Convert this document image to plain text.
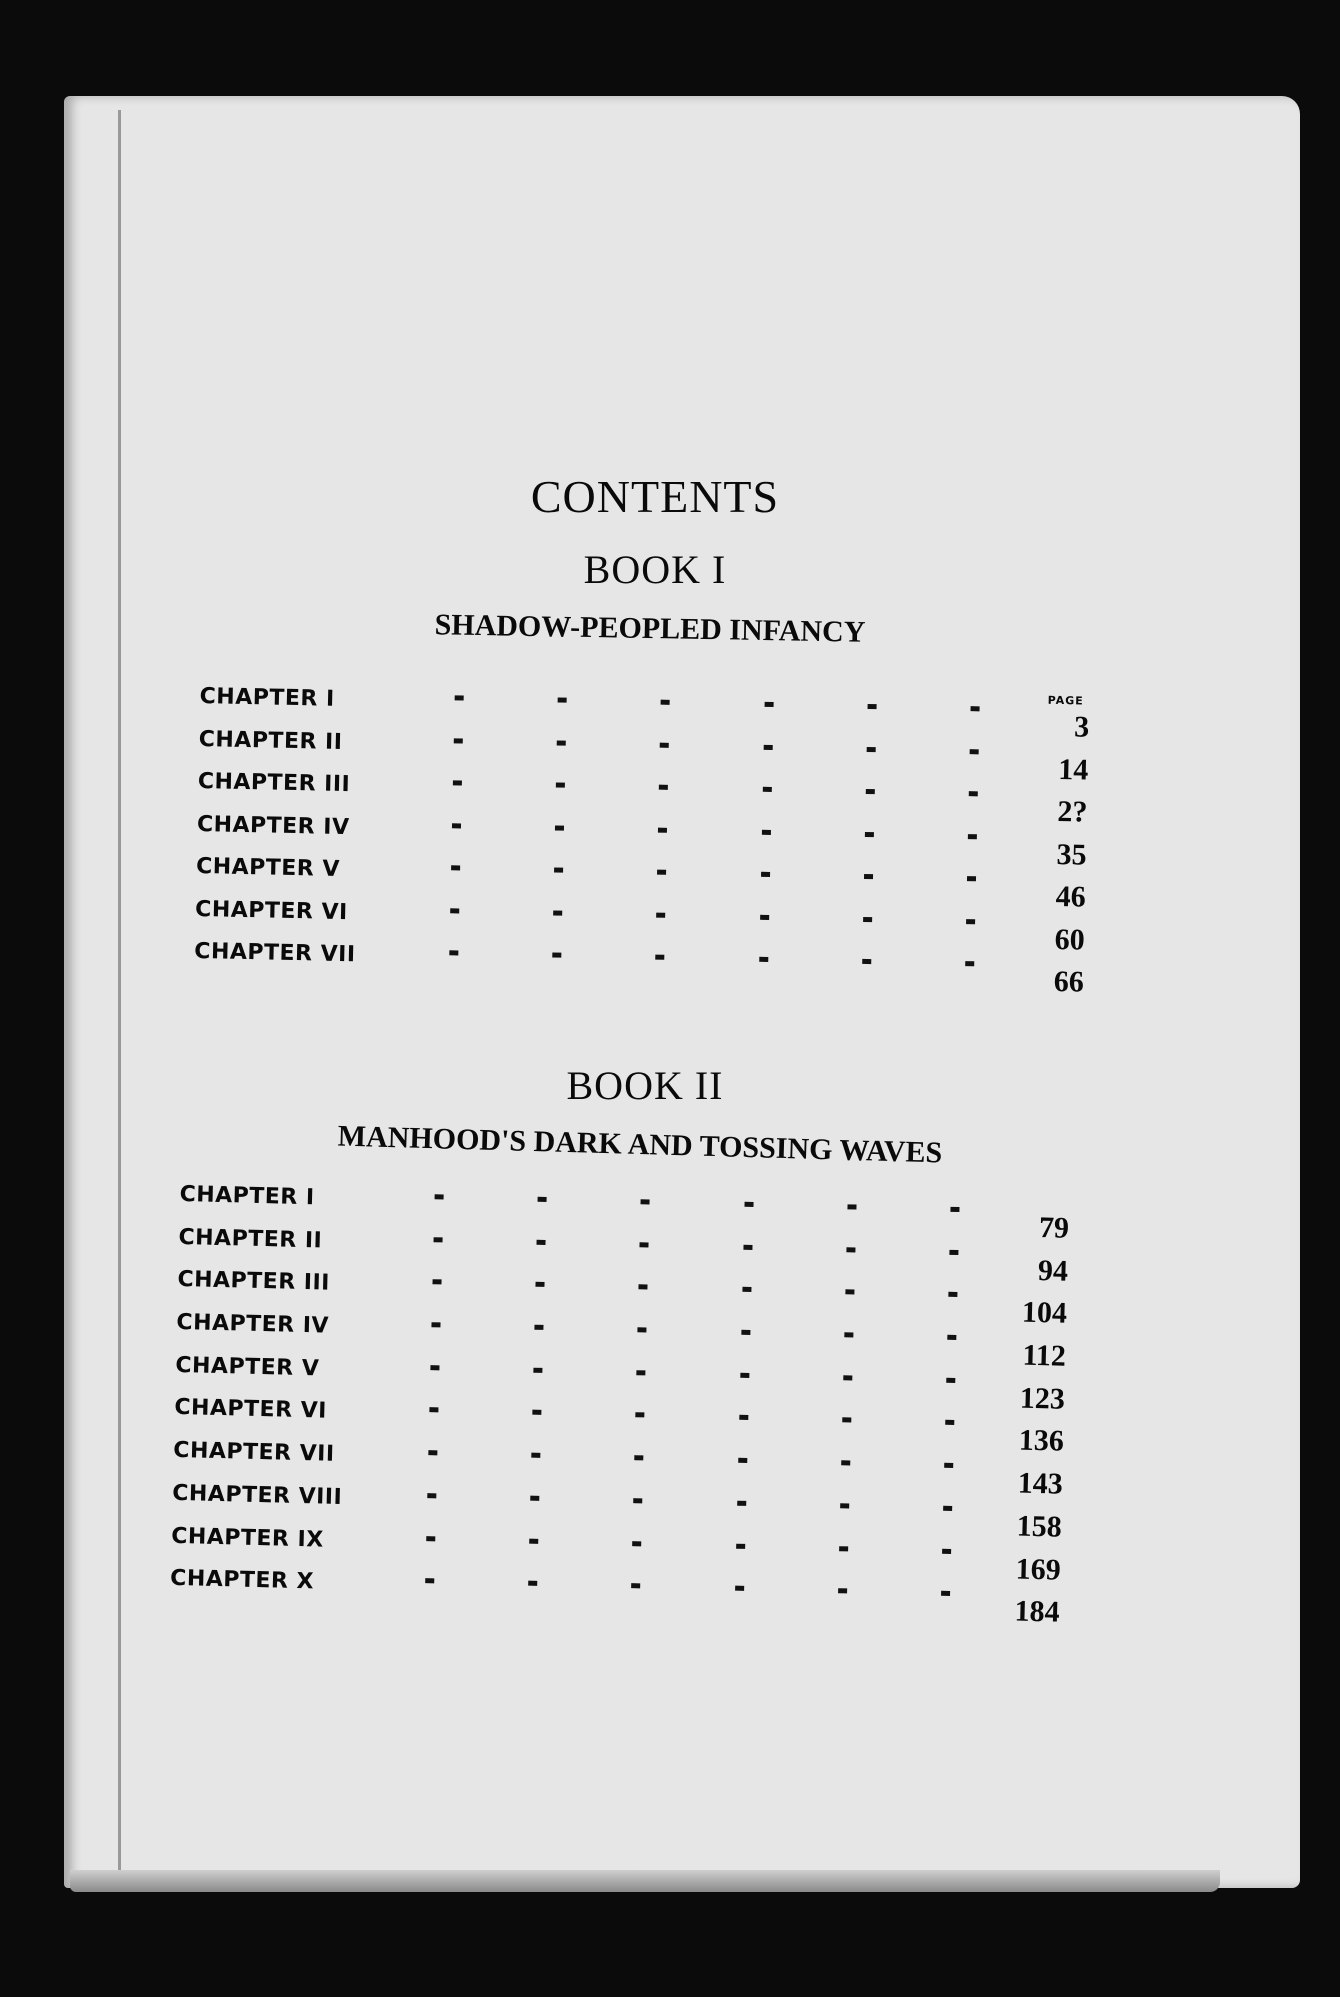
CONTENTS
BOOK I
SHADOW-PEOPLED INFANCY
PAGE
CHAPTER I
3
CHAPTER II
14
CHAPTER III
2?
CHAPTER IV
35
CHAPTER V
46
CHAPTER VI
60
CHAPTER VII
66
BOOK II
MANHOOD'S DARK AND TOSSING WAVES
CHAPTER I
79
CHAPTER II
94
CHAPTER III
104
CHAPTER IV
112
CHAPTER V
123
CHAPTER VI
136
CHAPTER VII
143
CHAPTER VIII
158
CHAPTER IX
169
CHAPTER X
184
